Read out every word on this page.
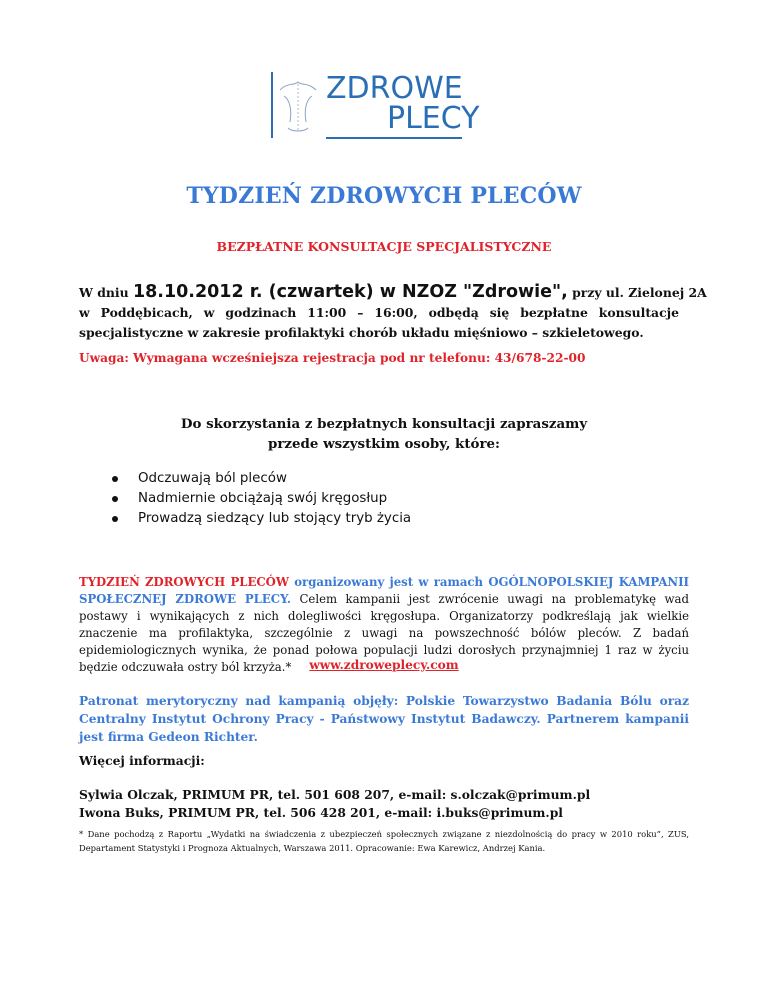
ZDROWE
PLECY
TYDZIEŃ ZDROWYCH PLECÓW
BEZPŁATNE KONSULTACJE SPECJALISTYCZNE
W dniu 18.10.2012 r. (czwartek) w NZOZ "Zdrowie", przy ul. Zielonej 2A
w Poddębicach, w godzinach 11:00 – 16:00, odbędą się bezpłatne konsultacje specjalistyczne w zakresie profilaktyki chorób układu mięśniowo – szkieletowego.
Uwaga: Wymagana wcześniejsza rejestracja pod nr telefonu: 43/678-22-00
Do skorzystania z bezpłatnych konsultacji zapraszamy
przede wszystkim osoby, które:
Odczuwają ból pleców
Nadmiernie obciążają swój kręgosłup
Prowadzą siedzący lub stojący tryb życia
TYDZIEŃ ZDROWYCH PLECÓW organizowany jest w ramach OGÓLNOPOLSKIEJ KAMPANII SPOŁECZNEJ ZDROWE PLECY. Celem kampanii jest zwrócenie uwagi na problematykę wad postawy i wynikających z nich dolegliwości kręgosłupa. Organizatorzy podkreślają jak wielkie znaczenie ma profilaktyka, szczególnie z uwagi na powszechność bólów pleców. Z badań epidemiologicznych wynika, że ponad połowa populacji ludzi dorosłych przynajmniej 1 raz w życiu będzie odczuwała ostry ból krzyża.*	www.zdroweplecy.com
Patronat merytoryczny nad kampanią objęły: Polskie Towarzystwo Badania Bólu oraz Centralny Instytut Ochrony Pracy - Państwowy Instytut Badawczy. Partnerem kampanii jest firma Gedeon Richter.
Więcej informacji:
Sylwia Olczak, PRIMUM PR, tel. 501 608 207, e-mail: s.olczak@primum.pl
Iwona Buks, PRIMUM PR, tel. 506 428 201, e-mail: i.buks@primum.pl
* Dane pochodzą z Raportu „Wydatki na świadczenia z ubezpieczeń społecznych związane z niezdolnością do pracy w 2010 roku”, ZUS, Departament Statystyki i Prognoza Aktualnych, Warszawa 2011. Opracowanie: Ewa Karewicz, Andrzej Kania.
